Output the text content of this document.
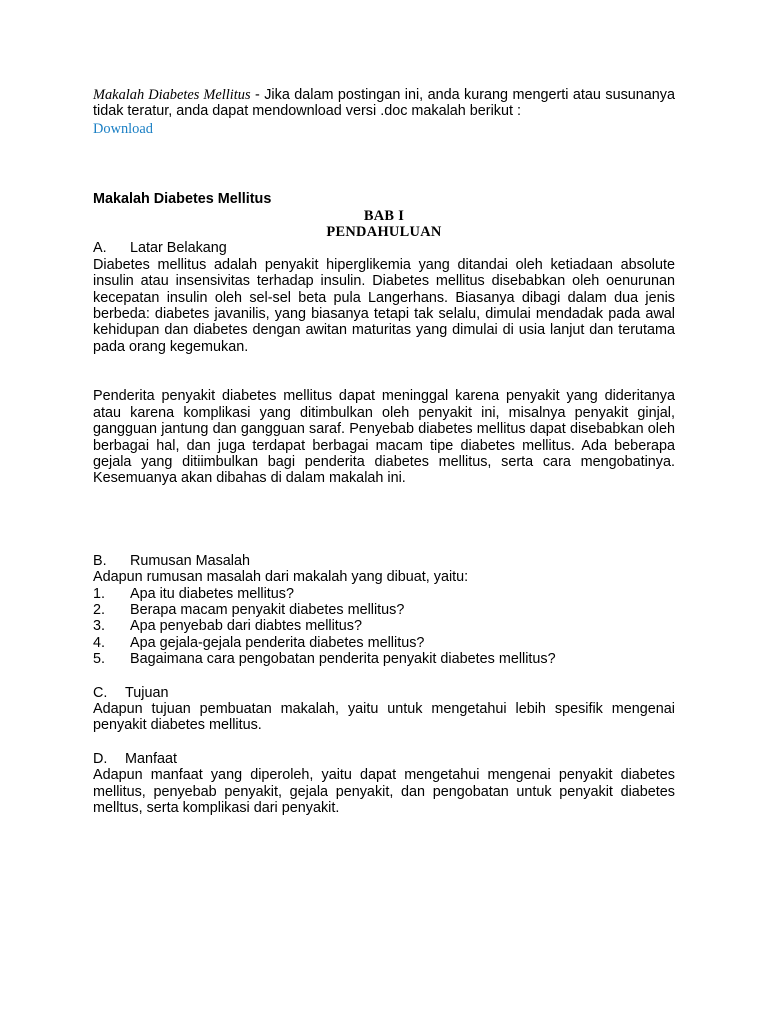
Makalah Diabetes Mellitus - Jika dalam postingan ini, anda kurang mengerti atau susunanya tidak teratur, anda dapat mendownload versi .doc makalah berikut :

Download
Makalah Diabetes Mellitus
BAB I
PENDAHULUAN
A.	Latar Belakang

Diabetes mellitus adalah penyakit hiperglikemia yang ditandai oleh ketiadaan absolute insulin atau insensivitas terhadap insulin. Diabetes mellitus disebabkan oleh oenurunan kecepatan insulin oleh sel-sel beta pula Langerhans. Biasanya dibagi dalam dua jenis berbeda: diabetes javanilis, yang biasanya tetapi tak selalu, dimulai mendadak pada awal kehidupan dan diabetes dengan awitan maturitas yang dimulai di usia lanjut dan terutama pada orang kegemukan.

Penderita penyakit diabetes mellitus dapat meninggal karena penyakit yang dideritanya atau karena komplikasi yang ditimbulkan oleh penyakit ini, misalnya penyakit ginjal, gangguan jantung dan gangguan saraf. Penyebab diabetes mellitus dapat disebabkan oleh berbagai hal, dan juga terdapat berbagai macam tipe diabetes mellitus. Ada beberapa gejala yang ditiimbulkan bagi penderita diabetes mellitus, serta cara mengobatinya. Kesemuanya akan dibahas di dalam makalah ini.

B.	Rumusan Masalah
Adapun rumusan masalah dari makalah yang dibuat, yaitu:
1.	Apa itu diabetes mellitus?
2.	Berapa macam penyakit diabetes mellitus?
3.	Apa penyebab dari diabtes mellitus?
4.	Apa gejala-gejala penderita diabetes mellitus?
5.	Bagaimana cara pengobatan penderita penyakit diabetes mellitus?
C.	Tujuan

Adapun tujuan pembuatan makalah, yaitu untuk mengetahui lebih spesifik mengenai penyakit diabetes mellitus.

D.	Manfaat

Adapun manfaat yang diperoleh, yaitu dapat mengetahui mengenai penyakit diabetes mellitus, penyebab penyakit, gejala penyakit, dan pengobatan untuk penyakit diabetes melltus, serta komplikasi dari penyakit.
